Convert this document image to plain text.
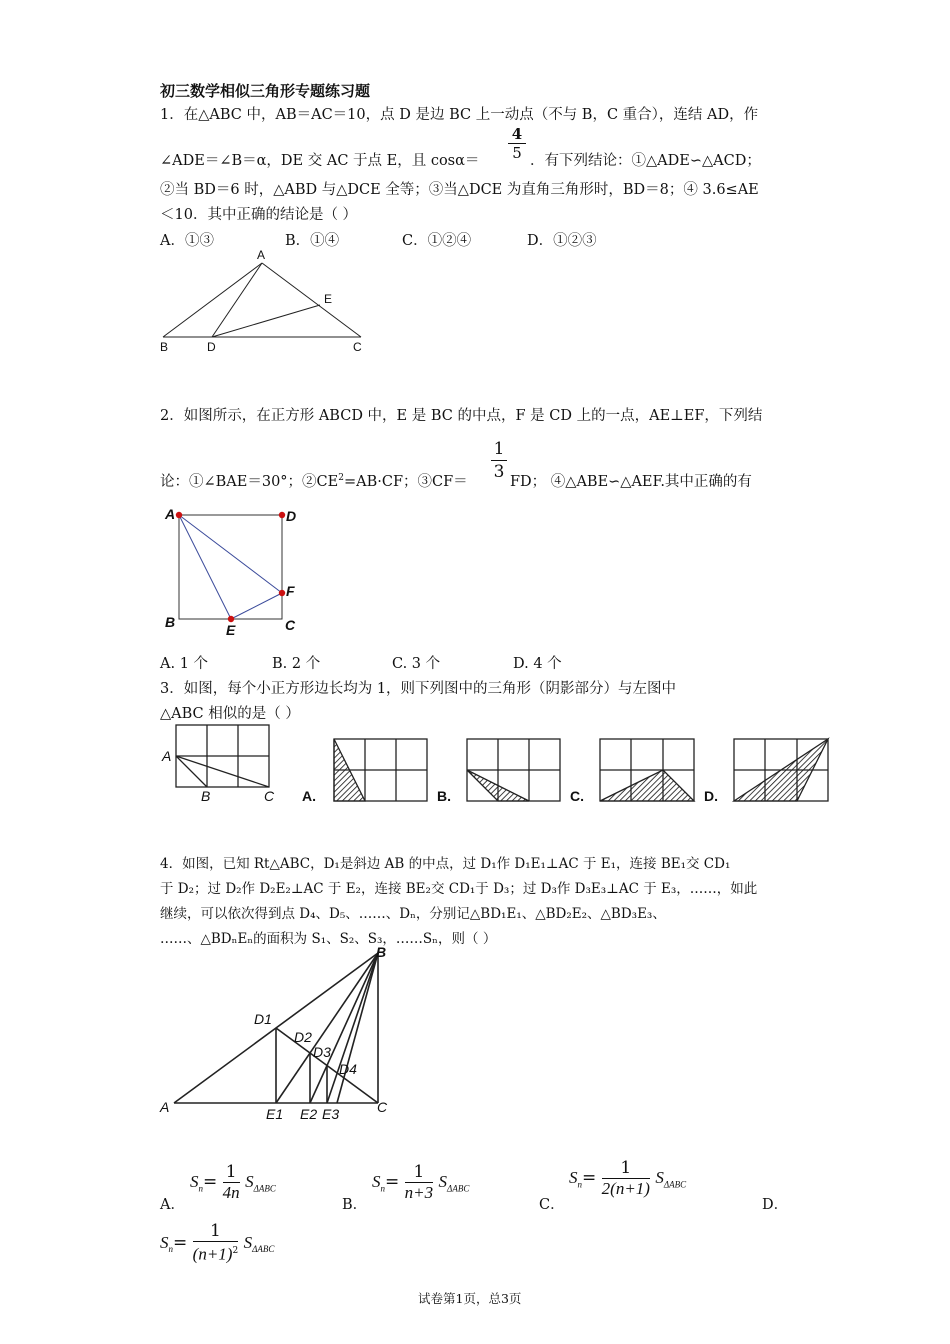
初三数学相似三角形专题练习题
1．在△ABC 中，AB＝AC＝10，点 D 是边 BC 上一动点（不与 B，C 重合），连结 AD，作
∠ADE＝∠B＝α，DE 交 AC 于点 E，且 $\cos\alpha= \frac{4}{5}$ ．有下列结论：①△ADE∽△ACD；
②当 BD＝6 时，△ABD 与△DCE 全等；③当△DCE 为直角三角形时，BD＝8；④ 3.6≤AE
＜10．其中正确的结论是（ ）
A．①③	B．①④	C．①②④	D．①②③
A
E
B	D	C
2．如图所示，在正方形 ABCD 中，E 是 BC 的中点，F 是 CD 上的一点，AE⊥EF，下列结
论：①∠BAE＝30°；$②CE^2=AB\cdot CF$；③CF＝ $\frac{1}{3}$ FD； ④△ABE∽△AEF.其中正确的有
A	D
F
B	E	C
A. 1 个	B. 2 个	C. 3 个	D. 4 个
3．如图，每个小正方形边长均为 1，则下列图中的三角形（阴影部分）与左图中
△ABC 相似的是（ ）
A
B	C A.	B.	C.	D.
4．如图，已知 Rt△ABC，D₁是斜边 AB 的中点，过 D₁作 D₁E₁⊥AC 于 E₁，连接 BE₁交 CD₁
于 D₂；过 D₂作 D₂E₂⊥AC 于 E₂，连接 BE₂交 CD₁于 D₃；过 D₃作 D₃E₃⊥AC 于 E₃，……，如此
继续，可以依次得到点 D₄、D₅、……、Dₙ，分别记△BD₁E₁、△BD₂E₂、△BD₃E₃、
……、△BDₙEₙ的面积为 S₁、S₂、S₃，……Sₙ，则（ ）
B
D1
D2
D3
D4
A	E1 E2 E3	C
A．
$S_n= \frac{1}{4n} S_{\Delta ABC}$
B．
$S_n= \frac{1}{n+3} S_{\Delta ABC}$
C．
$S_n= \frac{1}{2(n+1)} S_{\Delta ABC}$
D．
$S_n= \frac{1}{(n+1)^2} S_{\Delta ABC}$
试卷第1页，总3页
